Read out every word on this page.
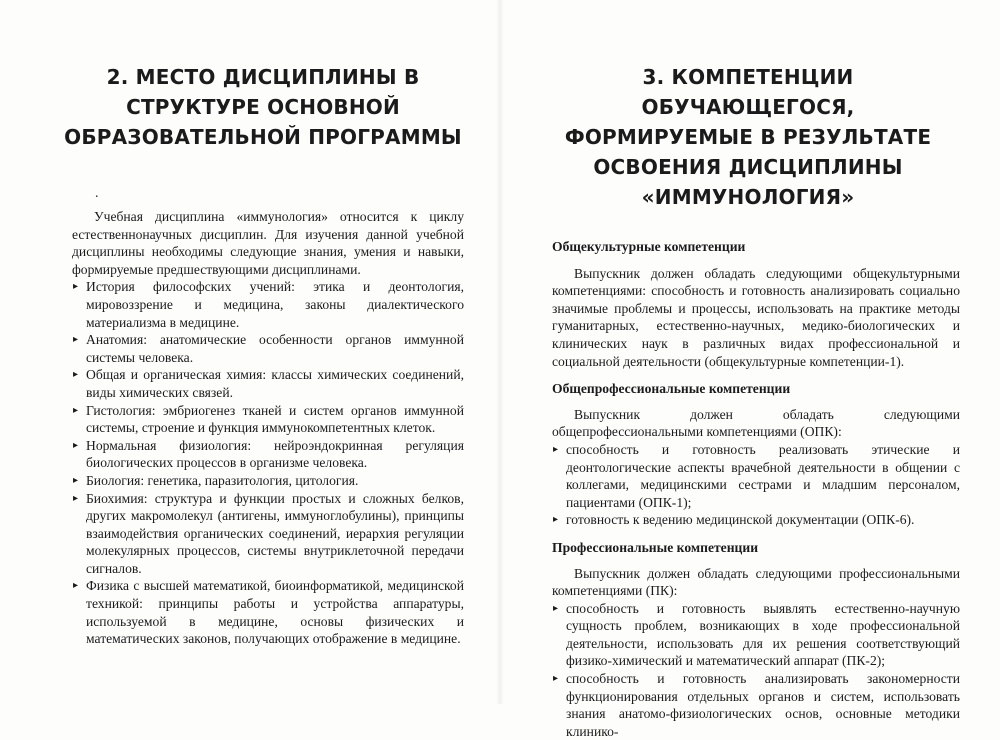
2. МЕСТО ДИСЦИПЛИНЫ В СТРУКТУРЕ ОСНОВНОЙ ОБРАЗОВАТЕЛЬНОЙ ПРОГРАММЫ
.

Учебная дисциплина «иммунология» относится к циклу естественнонаучных дисциплин. Для изучения данной учебной дисциплины необходимы следующие знания, умения и навыки, формируемые предшествующими дисциплинами.

▸ История философских учений: этика и деонтология, мировоззрение и медицина, законы диалектического материализма в медицине.
▸ Анатомия: анатомические особенности органов иммунной системы человека.
▸ Общая и органическая химия: классы химических соединений, виды химических связей.
▸ Гистология: эмбриогенез тканей и систем органов иммунной системы, строение и функция иммунокомпетентных клеток.
▸ Нормальная физиология: нейроэндокринная регуляция биологических процессов в организме человека.
▸ Биология: генетика, паразитология, цитология.
▸ Биохимия: структура и функции простых и сложных белков, других макромолекул (антигены, иммуноглобулины), принципы взаимодействия органических соединений, иерархия регуляции молекулярных процессов, системы внутриклеточной передачи сигналов.
▸ Физика с высшей математикой, биоинформатикой, медицинской техникой: принципы работы и устройства аппаратуры, используемой в медицине, основы физических и математических законов, получающих отображение в медицине.
3. КОМПЕТЕНЦИИ ОБУЧАЮЩЕГОСЯ, ФОРМИРУЕМЫЕ В РЕЗУЛЬТАТЕ ОСВОЕНИЯ ДИСЦИПЛИНЫ «ИММУНОЛОГИЯ»
Общекультурные компетенции

Выпускник должен обладать следующими общекультурными компетенциями: способность и готовность анализировать социально значимые проблемы и процессы, использовать на практике методы гуманитарных, естественно-научных, медико-биологических и клинических наук в различных видах профессиональной и социальной деятельности (общекультурные компетенции-1).

Общепрофессиональные компетенции

Выпускник должен обладать следующими общепрофессиональными компетенциями (ОПК):

▸ способность и готовность реализовать этические и деонтологические аспекты врачебной деятельности в общении с коллегами, медицинскими сестрами и младшим персоналом, пациентами (ОПК-1);
▸ готовность к ведению медицинской документации (ОПК-6).
Профессиональные компетенции

Выпускник должен обладать следующими профессиональными компетенциями (ПК):

▸ способность и готовность выявлять естественно-научную сущность проблем, возникающих в ходе профессиональной деятельности, использовать для их решения соответствующий физико-химический и математический аппарат (ПК-2);
▸ способность и готовность анализировать закономерности функционирования отдельных органов и систем, использовать знания анатомо-физиологических основ, основные методики клинико-
